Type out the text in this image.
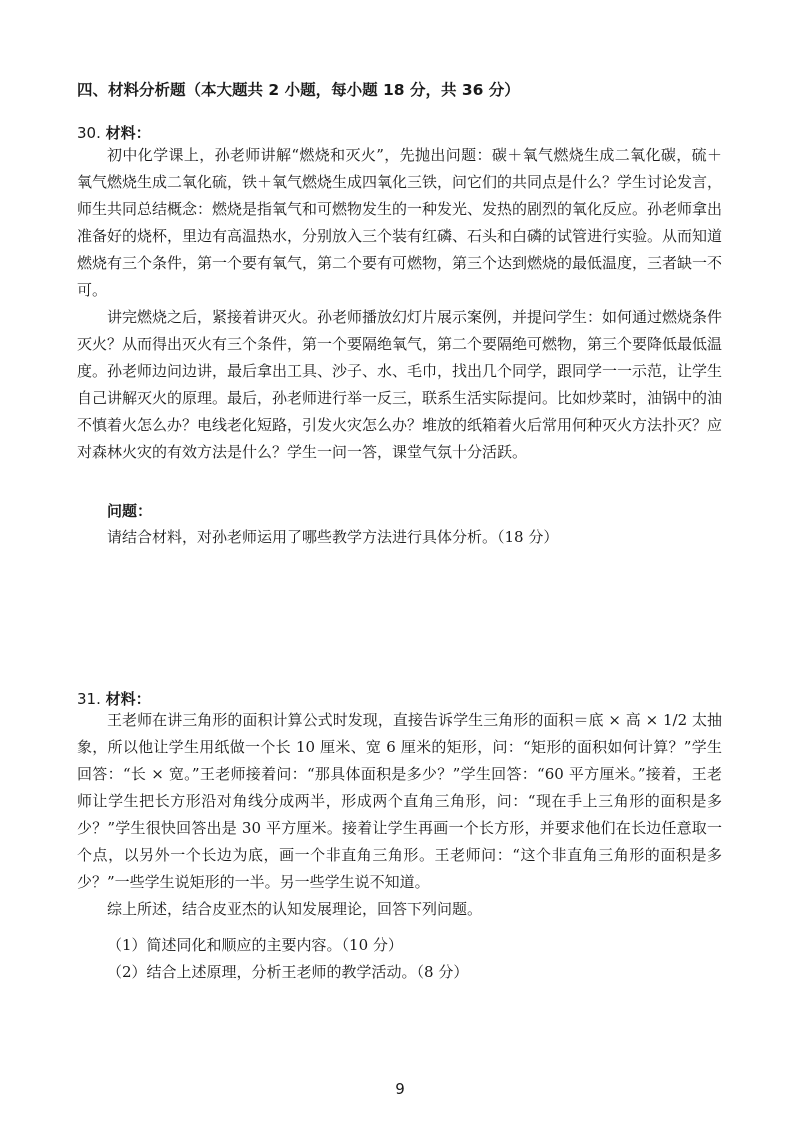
四、材料分析题（本大题共 2 小题，每小题 18 分，共 36 分）
30. 材料：

初中化学课上，孙老师讲解“燃烧和灭火”，先抛出问题：碳＋氧气燃烧生成二氧化碳，硫＋氧气燃烧生成二氧化硫，铁＋氧气燃烧生成四氧化三铁，问它们的共同点是什么？学生讨论发言，师生共同总结概念：燃烧是指氧气和可燃物发生的一种发光、发热的剧烈的氧化反应。孙老师拿出准备好的烧杯，里边有高温热水，分别放入三个装有红磷、石头和白磷的试管进行实验。从而知道燃烧有三个条件，第一个要有氧气，第二个要有可燃物，第三个达到燃烧的最低温度，三者缺一不可。

讲完燃烧之后，紧接着讲灭火。孙老师播放幻灯片展示案例，并提问学生：如何通过燃烧条件灭火？从而得出灭火有三个条件，第一个要隔绝氧气，第二个要隔绝可燃物，第三个要降低最低温度。孙老师边问边讲，最后拿出工具、沙子、水、毛巾，找出几个同学，跟同学一一示范，让学生自己讲解灭火的原理。最后，孙老师进行举一反三，联系生活实际提问。比如炒菜时，油锅中的油不慎着火怎么办？电线老化短路，引发火灾怎么办？堆放的纸箱着火后常用何种灭火方法扑灭？应对森林火灾的有效方法是什么？学生一问一答，课堂气氛十分活跃。

问题：
请结合材料，对孙老师运用了哪些教学方法进行具体分析。（18 分）
31. 材料：

王老师在讲三角形的面积计算公式时发现，直接告诉学生三角形的面积＝底 × 高 × 1/2 太抽象，所以他让学生用纸做一个长 10 厘米、宽 6 厘米的矩形，问：“矩形的面积如何计算？”学生回答：“长 × 宽。”王老师接着问：“那具体面积是多少？”学生回答：“60 平方厘米。”接着，王老师让学生把长方形沿对角线分成两半，形成两个直角三角形，问：“现在手上三角形的面积是多少？”学生很快回答出是 30 平方厘米。接着让学生再画一个长方形，并要求他们在长边任意取一个点，以另外一个长边为底，画一个非直角三角形。王老师问：“这个非直角三角形的面积是多少？”一些学生说矩形的一半。另一些学生说不知道。

综上所述，结合皮亚杰的认知发展理论，回答下列问题。

（1）简述同化和顺应的主要内容。（10 分）
（2）结合上述原理，分析王老师的教学活动。（8 分）
9
